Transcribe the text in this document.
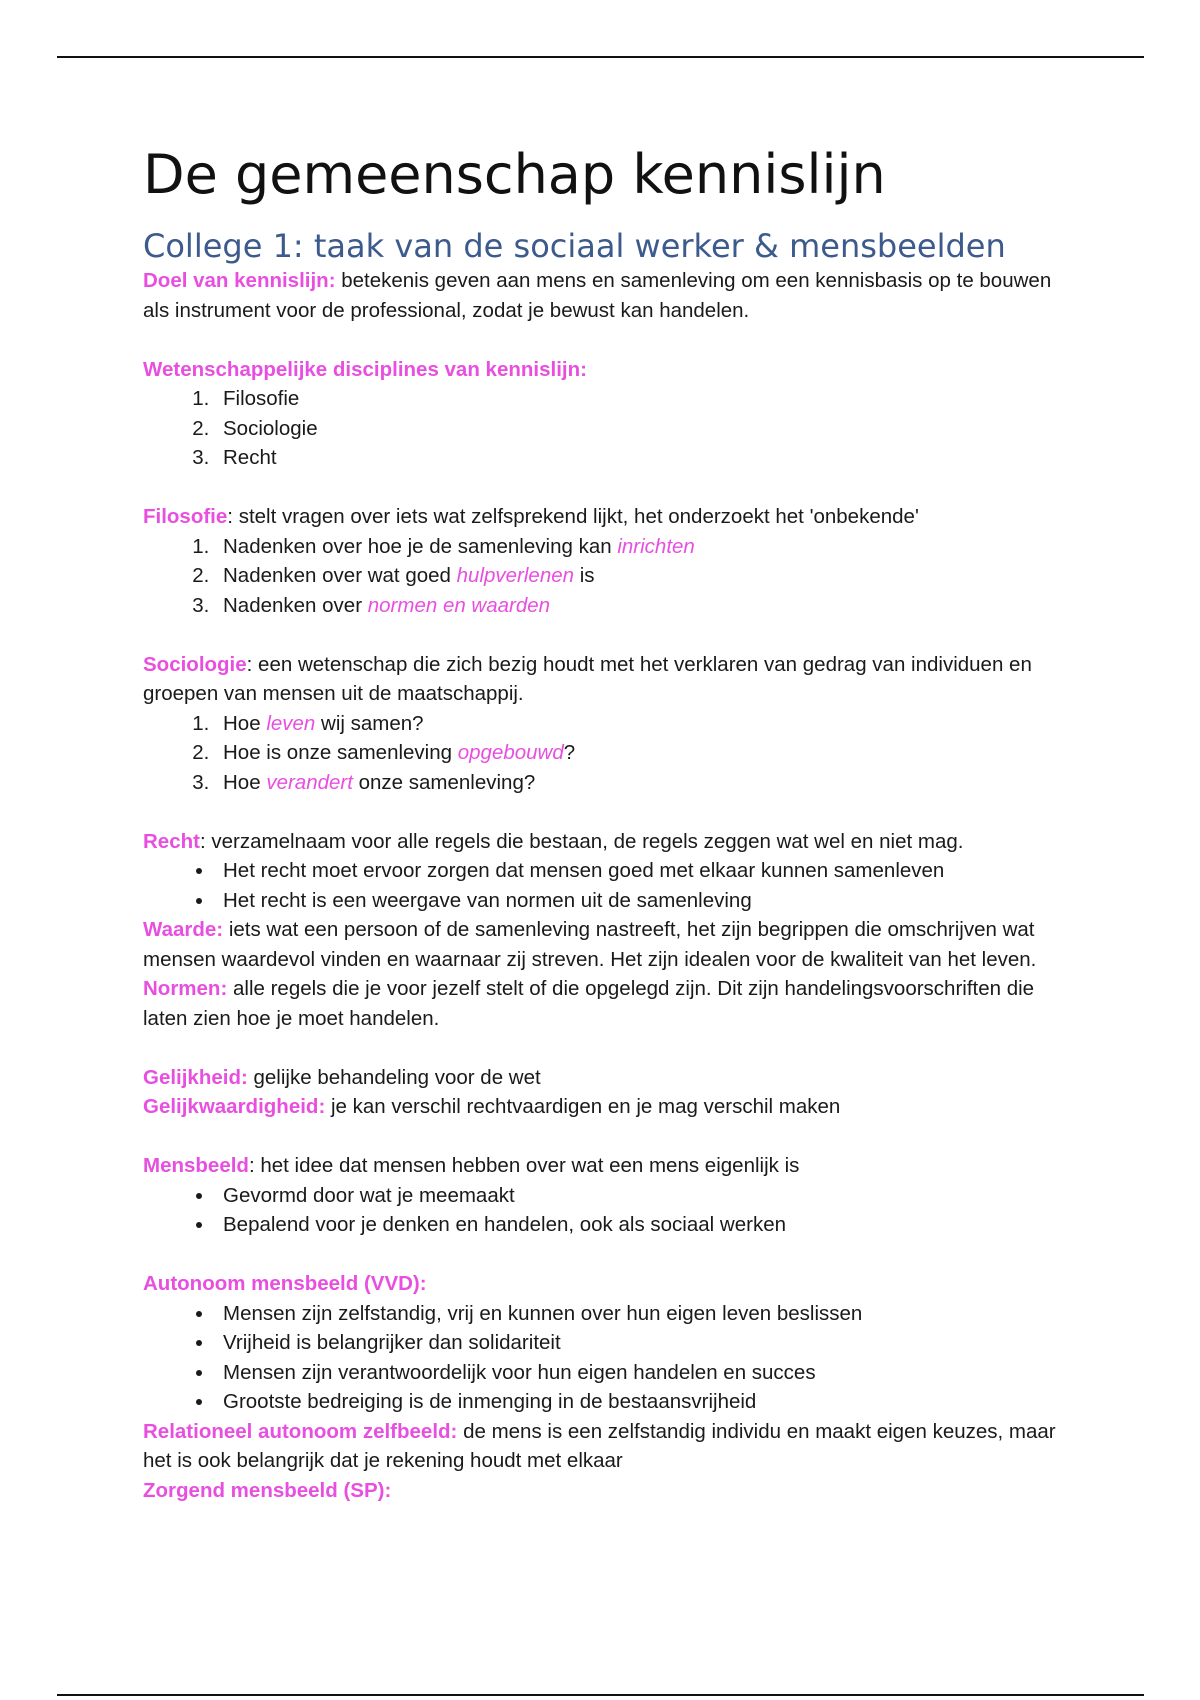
De gemeenschap kennislijn
College 1: taak van de sociaal werker & mensbeelden

Doel van kennislijn: betekenis geven aan mens en samenleving om een kennisbasis op te bouwen als instrument voor de professional, zodat je bewust kan handelen.

Wetenschappelijke disciplines van kennislijn:

1. Filosofie
2. Sociologie
3. Recht

Filosofie: stelt vragen over iets wat zelfsprekend lijkt, het onderzoekt het 'onbekende'

1. Nadenken over hoe je de samenleving kan inrichten
2. Nadenken over wat goed hulpverlenen is
3. Nadenken over normen en waarden

Sociologie: een wetenschap die zich bezig houdt met het verklaren van gedrag van individuen en groepen van mensen uit de maatschappij.

1. Hoe leven wij samen?
2. Hoe is onze samenleving opgebouwd?
3. Hoe verandert onze samenleving?

Recht: verzamelnaam voor alle regels die bestaan, de regels zeggen wat wel en niet mag.

• Het recht moet ervoor zorgen dat mensen goed met elkaar kunnen samenleven
• Het recht is een weergave van normen uit de samenleving

Waarde: iets wat een persoon of de samenleving nastreeft, het zijn begrippen die omschrijven wat mensen waardevol vinden en waarnaar zij streven. Het zijn idealen voor de kwaliteit van het leven.

Normen: alle regels die je voor jezelf stelt of die opgelegd zijn. Dit zijn handelingsvoorschriften die laten zien hoe je moet handelen.

Gelijkheid: gelijke behandeling voor de wet

Gelijkwaardigheid: je kan verschil rechtvaardigen en je mag verschil maken

Mensbeeld: het idee dat mensen hebben over wat een mens eigenlijk is

• Gevormd door wat je meemaakt
• Bepalend voor je denken en handelen, ook als sociaal werken

Autonoom mensbeeld (VVD):

• Mensen zijn zelfstandig, vrij en kunnen over hun eigen leven beslissen
• Vrijheid is belangrijker dan solidariteit
• Mensen zijn verantwoordelijk voor hun eigen handelen en succes
• Grootste bedreiging is de inmenging in de bestaansvrijheid

Relationeel autonoom zelfbeeld: de mens is een zelfstandig individu en maakt eigen keuzes, maar het is ook belangrijk dat je rekening houdt met elkaar

Zorgend mensbeeld (SP):
